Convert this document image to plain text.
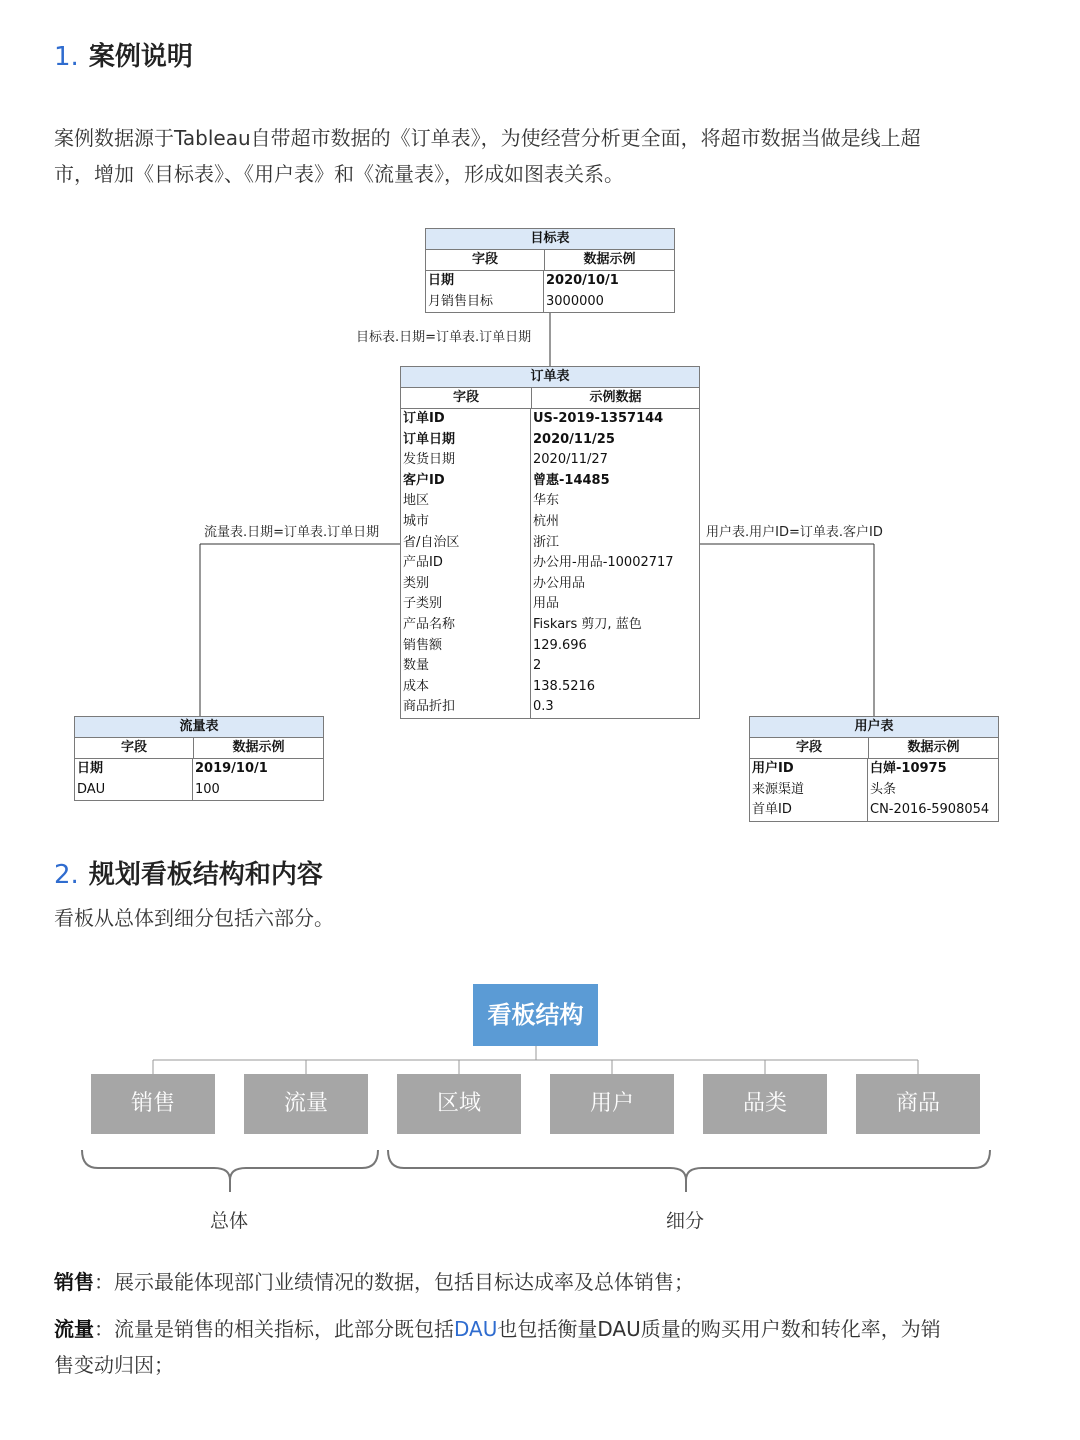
1. 案例说明
案例数据源于Tableau自带超市数据的《订单表》，为使经营分析更全面，将超市数据当做是线上超
市，增加《目标表》、《用户表》和《流量表》，形成如图表关系。
目标表
字段	数据示例
日期	2020/10/1
月销售目标	3000000
目标表.日期=订单表.订单日期
订单表
字段	示例数据
订单ID	US-2019-1357144
订单日期	2020/11/25
发货日期	2020/11/27
客户ID	曾惠-14485
地区	华东
城市	杭州
省/自治区	浙江
产品ID	办公用-用品-10002717
类别	办公用品
子类别	用品
产品名称	Fiskars 剪刀, 蓝色
销售额	129.696
数量	2
成本	138.5216
商品折扣	0.3
流量表.日期=订单表.订单日期	用户表.用户ID=订单表.客户ID
流量表
字段	数据示例
日期	2019/10/1
DAU	100
用户表
字段	数据示例
用户ID	白婵-10975
来源渠道	头条
首单ID	CN-2016-5908054
2. 规划看板结构和内容
看板从总体到细分包括六部分。
看板结构
销售	流量	区域	用户	品类	商品
总体	细分
销售：展示最能体现部门业绩情况的数据，包括目标达成率及总体销售；
流量：流量是销售的相关指标，此部分既包括DAU也包括衡量DAU质量的购买用户数和转化率，为销
售变动归因；
